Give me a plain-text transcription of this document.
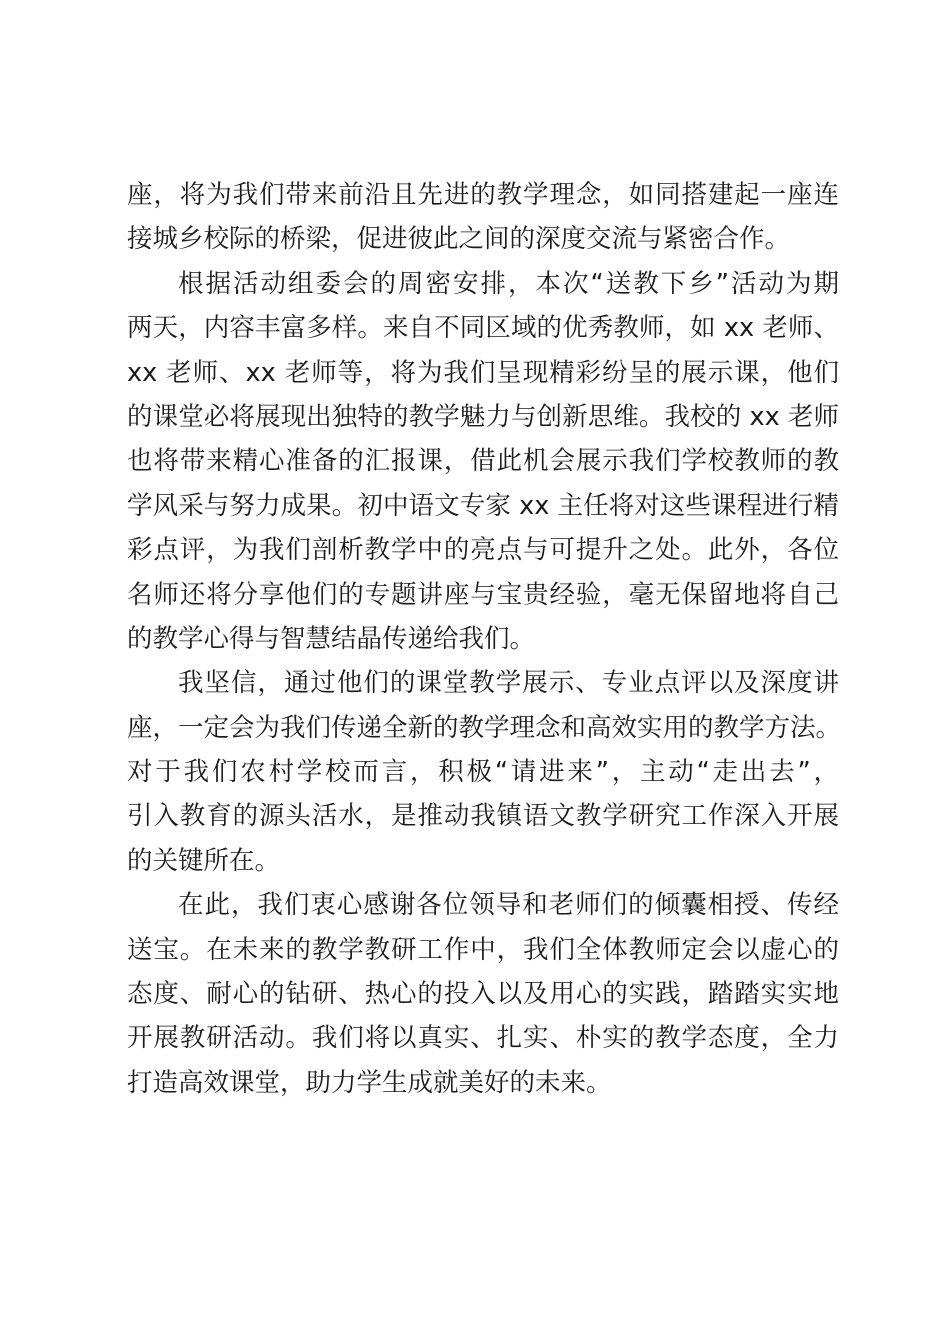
座，将为我们带来前沿且先进的教学理念，如同搭建起一座连
接城乡校际的桥梁，促进彼此之间的深度交流与紧密合作。
根据活动组委会的周密安排，本次“送教下乡”活动为期
两天，内容丰富多样。来自不同区域的优秀教师，如 xx 老师、
xx 老师、xx 老师等，将为我们呈现精彩纷呈的展示课，他们
的课堂必将展现出独特的教学魅力与创新思维。我校的 xx 老师
也将带来精心准备的汇报课，借此机会展示我们学校教师的教
学风采与努力成果。初中语文专家 xx 主任将对这些课程进行精
彩点评，为我们剖析教学中的亮点与可提升之处。此外，各位
名师还将分享他们的专题讲座与宝贵经验，毫无保留地将自己
的教学心得与智慧结晶传递给我们。
我坚信，通过他们的课堂教学展示、专业点评以及深度讲
座，一定会为我们传递全新的教学理念和高效实用的教学方法。
对于我们农村学校而言，积极“请进来”，主动“走出去”，
引入教育的源头活水，是推动我镇语文教学研究工作深入开展
的关键所在。
在此，我们衷心感谢各位领导和老师们的倾囊相授、传经
送宝。在未来的教学教研工作中，我们全体教师定会以虚心的
态度、耐心的钻研、热心的投入以及用心的实践，踏踏实实地
开展教研活动。我们将以真实、扎实、朴实的教学态度，全力
打造高效课堂，助力学生成就美好的未来。
